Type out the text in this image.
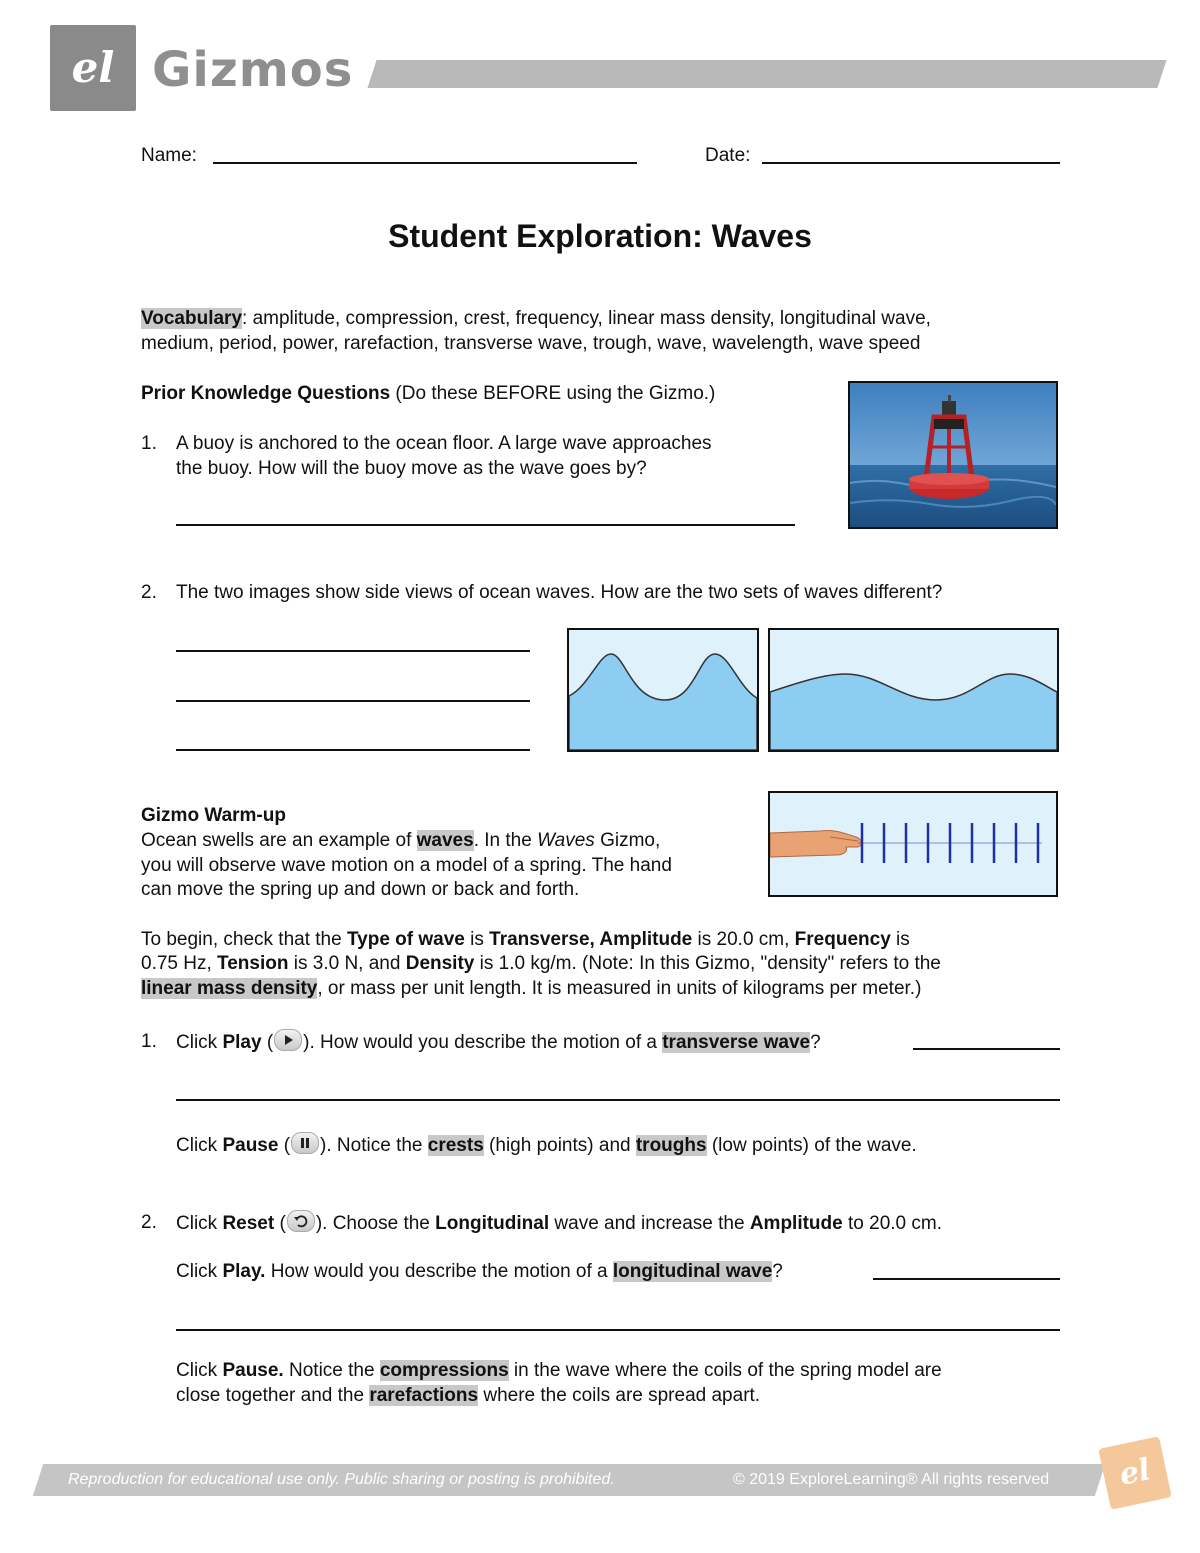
el Gizmos
Name:	Date:
Student Exploration: Waves
Vocabulary: amplitude, compression, crest, frequency, linear mass density, longitudinal wave,
medium, period, power, rarefaction, transverse wave, trough, wave, wavelength, wave speed
Prior Knowledge Questions (Do these BEFORE using the Gizmo.)
1. A buoy is anchored to the ocean floor. A large wave approaches
the buoy. How will the buoy move as the wave goes by?
2. The two images show side views of ocean waves. How are the two sets of waves different?
Gizmo Warm-up
Ocean swells are an example of waves. In the Waves Gizmo,
you will observe wave motion on a model of a spring. The hand
can move the spring up and down or back and forth.
To begin, check that the Type of wave is Transverse, Amplitude is 20.0 cm, Frequency is
0.75 Hz, Tension is 3.0 N, and Density is 1.0 kg/m. (Note: In this Gizmo, "density" refers to the
linear mass density, or mass per unit length. It is measured in units of kilograms per meter.)
1. Click Play ( ). How would you describe the motion of a transverse wave?
Click Pause ( ). Notice the crests (high points) and troughs (low points) of the wave.
2. Click Reset ( ). Choose the Longitudinal wave and increase the Amplitude to 20.0 cm.
Click Play. How would you describe the motion of a longitudinal wave?
Click Pause. Notice the compressions in the wave where the coils of the spring model are
close together and the rarefactions where the coils are spread apart.
Reproduction for educational use only. Public sharing or posting is prohibited.	© 2019 ExploreLearning® All rights reserved	el
